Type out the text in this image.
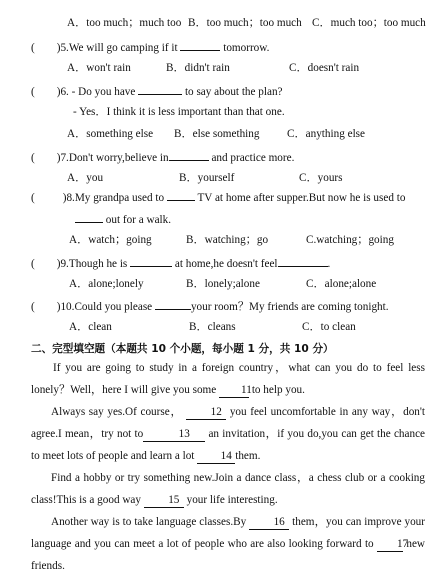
A．too much；much too B．too much；too much C．much too；too much
( )5.We will go camping if it	tomorrow.
A．won't rain	B．didn't rain	C．doesn't rain
( )6. - Do you have	to say about the plan?
- Yes．I think it is less important than that one.
A．something else B．else something C．anything else
( )7.Don't worry,believe in	and practice more.
A．you	B．yourself	C．yours
(	)8.My grandpa used to	TV at home after supper.But now he is used to
out for a walk.
A．watch；going	B．watching；go	C.watching；going
( )9.Though he is	at home,he doesn't feel	.
A．alone;lonely	B．lonely;alone	C．alone;alone
( )10.Could you please	your room？My friends are coming tonight.
A．clean	B．cleans	C．to clean
二、完型填空题（本题共 10 个小题，每小题 1 分，共 10 分）
If you are going to study in a foreign country，what can you do to feel less lonely？Well，here I will give you some 11 to help you.
Always say yes.Of course，	12 you feel uncomfortable in any way，don't agree.I mean，try not to	13 an invitation，if you do,you can get the chance to meet lots of people and learn a lot 14 them.
Find a hobby or try something new.Join a dance class，a chess club or a cooking class!This is a good way 15 your life interesting.
Another way is to take language classes.By 16 them，you can improve your language and you can meet a lot of people who are also looking forward to 17 new friends.
